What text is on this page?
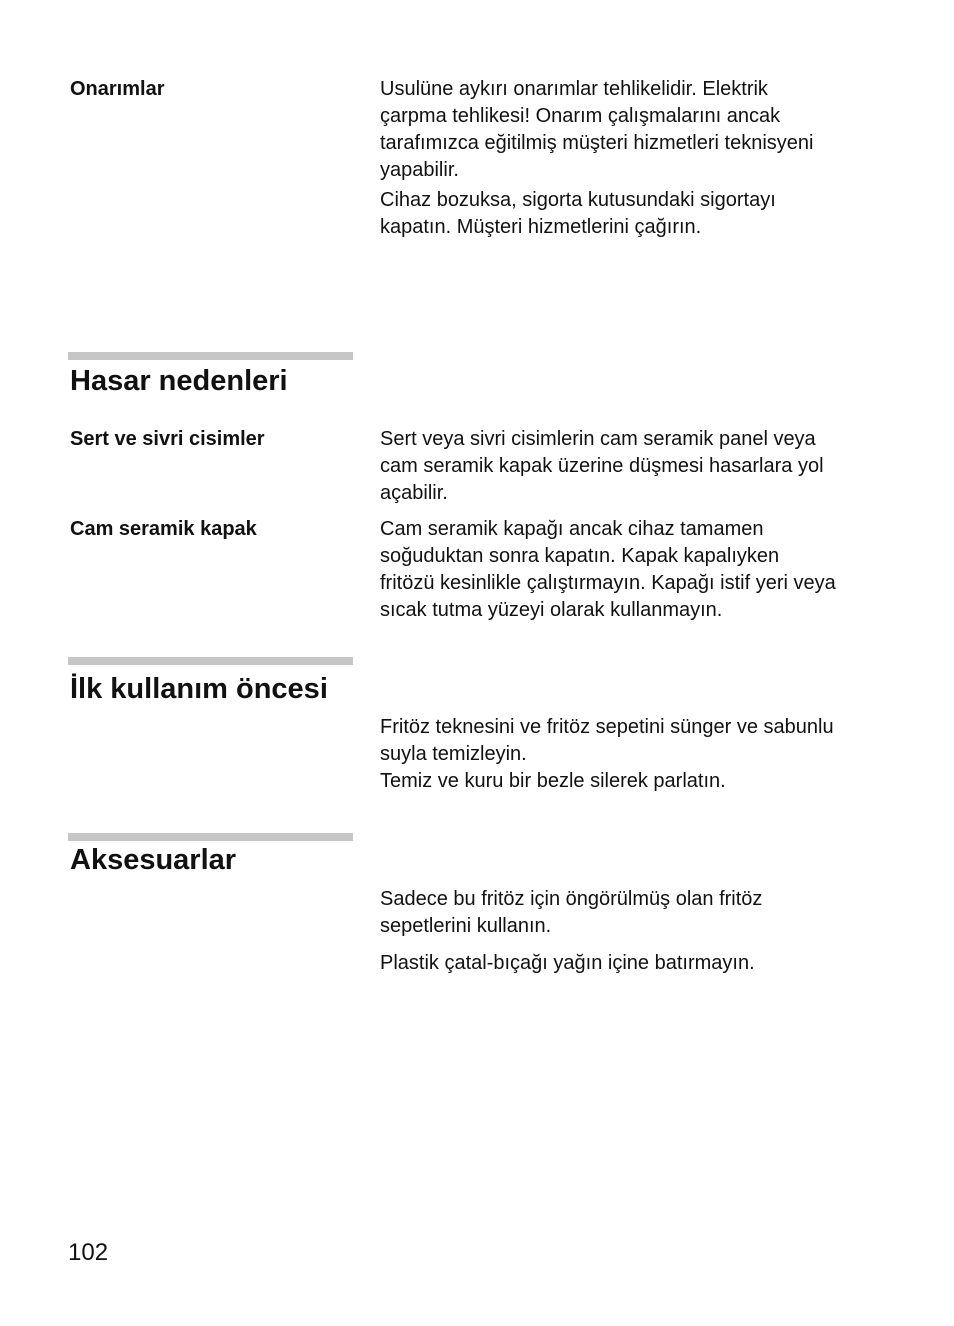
Onarımlar	Usulüne aykırı onarımlar tehlikelidir. Elektrik
çarpma tehlikesi! Onarım çalışmalarını ancak
tarafımızca eğitilmiş müşteri hizmetleri teknisyeni
yapabilir.

Cihaz bozuksa, sigorta kutusundaki sigortayı
kapatın. Müşteri hizmetlerini çağırın.

Hasar nedenleri

Sert ve sivri cisimler	Sert veya sivri cisimlerin cam seramik panel veya
cam seramik kapak üzerine düşmesi hasarlara yol
açabilir.

Cam seramik kapak	Cam seramik kapağı ancak cihaz tamamen
soğuduktan sonra kapatın. Kapak kapalıyken
fritözü kesinlikle çalıştırmayın. Kapağı istif yeri veya
sıcak tutma yüzeyi olarak kullanmayın.

İlk kullanım öncesi

Fritöz teknesini ve fritöz sepetini sünger ve sabunlu
suyla temizleyin.
Temiz ve kuru bir bezle silerek parlatın.

Aksesuarlar

Sadece bu fritöz için öngörülmüş olan fritöz
sepetlerini kullanın.

Plastik çatal-bıçağı yağın içine batırmayın.

102
